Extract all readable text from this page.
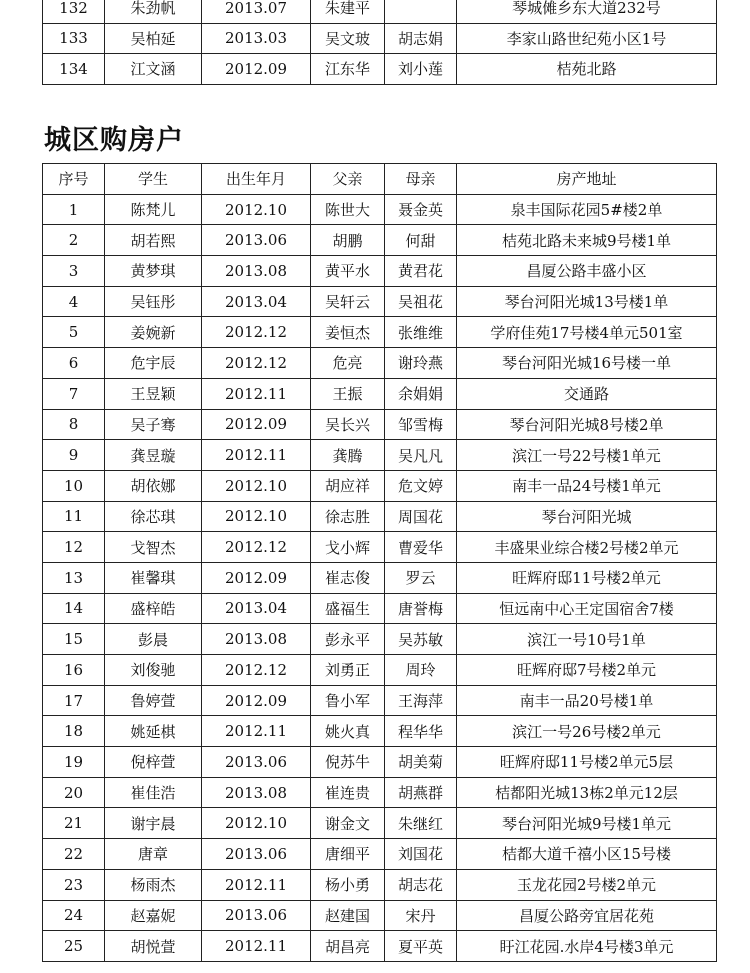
132	朱劲帆	2013.07	朱建平		琴城傩乡东大道232号
133	吴柏延	2013.03	吴文玻	胡志娟	李家山路世纪苑小区1号
134	江文涵	2012.09	江东华	刘小莲	桔苑北路
城区购房户
序号	学生	出生年月	父亲	母亲	房产地址
1	陈梵儿	2012.10	陈世大	聂金英	泉丰国际花园5#楼2单
2	胡若熙	2013.06	胡鹏	何甜	桔苑北路未来城9号楼1单
3	黄梦琪	2013.08	黄平水	黄君花	昌厦公路丰盛小区
4	吴钰彤	2013.04	吴轩云	吴祖花	琴台河阳光城13号楼1单
5	姜婉新	2012.12	姜恒杰	张维维	学府佳苑17号楼4单元501室
6	危宇辰	2012.12	危亮	谢玲燕	琴台河阳光城16号楼一单
7	王昱颖	2012.11	王振	余娟娟	交通路
8	吴子骞	2012.09	吴长兴	邹雪梅	琴台河阳光城8号楼2单
9	龚昱璇	2012.11	龚腾	吴凡凡	滨江一号22号楼1单元
10	胡依娜	2012.10	胡应祥	危文婷	南丰一品24号楼1单元
11	徐芯琪	2012.10	徐志胜	周国花	琴台河阳光城
12	戈智杰	2012.12	戈小辉	曹爱华	丰盛果业综合楼2号楼2单元
13	崔馨琪	2012.09	崔志俊	罗云	旺辉府邸11号楼2单元
14	盛梓皓	2013.04	盛福生	唐誉梅	恒远南中心王定国宿舍7楼
15	彭晨	2013.08	彭永平	吴苏敏	滨江一号10号1单
16	刘俊驰	2012.12	刘勇正	周玲	旺辉府邸7号楼2单元
17	鲁婷萱	2012.09	鲁小军	王海萍	南丰一品20号楼1单
18	姚延棋	2012.11	姚火真	程华华	滨江一号26号楼2单元
19	倪梓萱	2013.06	倪苏牛	胡美菊	旺辉府邸11号楼2单元5层
20	崔佳浩	2013.08	崔连贵	胡燕群	桔都阳光城13栋2单元12层
21	谢宇晨	2012.10	谢金文	朱继红	琴台河阳光城9号楼1单元
22	唐章	2013.06	唐细平	刘国花	桔都大道千禧小区15号楼
23	杨雨杰	2012.11	杨小勇	胡志花	玉龙花园2号楼2单元
24	赵嘉妮	2013.06	赵建国	宋丹	昌厦公路旁宜居花苑
25	胡悦萱	2012.11	胡昌亮	夏平英	盱江花园.水岸4号楼3单元
